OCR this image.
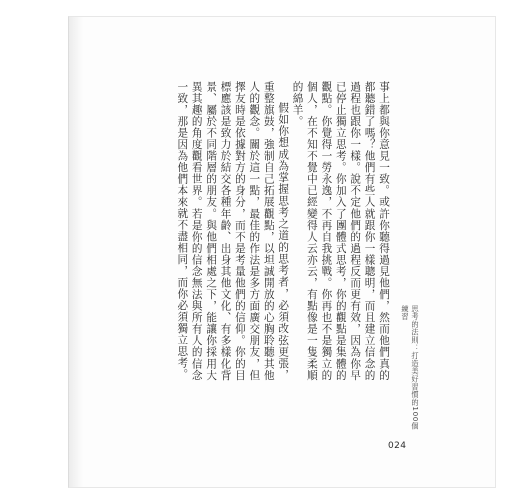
事上都與你意見一致。或許你聽得過見他們，然而他們真的都聽錯了嗎？他們有些人就跟你一樣聰明，而且建立信念的過程也跟你一樣。說不定他們的過程反而更有效，因為你早已停止獨立思考。你加入了團體式思考，你的觀點是集體的觀點。你覺得一勞永逸，不再自我挑戰。你再也不是獨立的個人，在不知不覺中已經變得人云亦云，有點像是一隻柔順的綿羊。

假如你想成為掌握思考之道的思考者，必須改弦更張，重整旗鼓，強制自己拓展觀點，以坦誠開放的心胸聆聽其他人的觀念。關於這一點，最佳的作法是多方面廣交朋友，但擇友時是依據對方的身分，而不是考量他們的信仰。你的目標應該是致力於結交各種年齡、出身其他文化、有多樣化背景、屬於不同階層的朋友。與他們相處之下，能讓你採用大異其趣的角度觀看世界。若是你的信念無法與所有人的信念一致，那是因為他們本來就不盡相同，而你必須獨立思考。	思考的法則：打造美好習慣的100個練習
024
